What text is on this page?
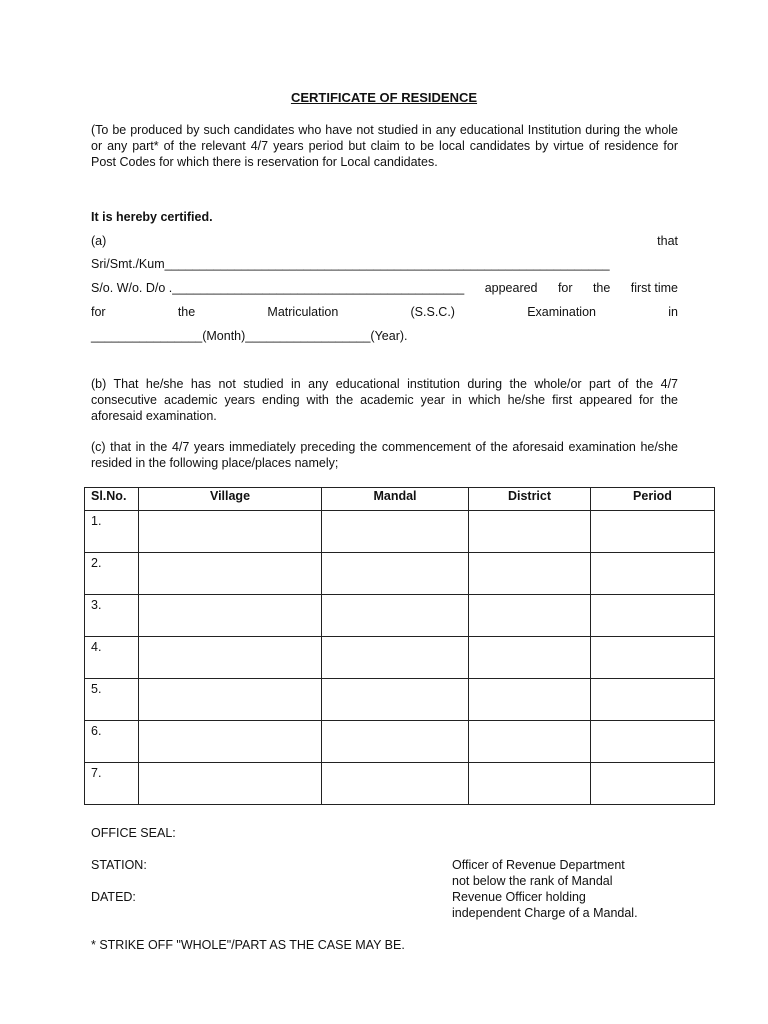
CERTIFICATE OF RESIDENCE
(To be produced by such candidates who have not studied in any educational Institution during the whole or any part* of the relevant 4/7 years period but claim to be local candidates by virtue of residence for Post Codes for which there is reservation for Local candidates.
It is hereby certified.
(a)	that
Sri/Smt./Kum________________________________________________________________
S/o. W/o. D/o .__________________________________________ appeared for the first time
for	the	Matriculation	(S.S.C.)	Examination	in
________________(Month)__________________(Year).
(b) That he/she has not studied in any educational institution during the whole/or part of the 4/7 consecutive academic years ending with the academic year in which he/she first appeared for the aforesaid examination.
(c) that in the 4/7 years immediately preceding the commencement of the aforesaid examination he/she resided in the following place/places namely;
Sl.No.	Village	Mandal	District	Period
1.				
2.				
3.				
4.				
5.				
6.				
7.				
OFFICE SEAL:
STATION:
DATED:
Officer of Revenue Department
not below the rank of Mandal
Revenue Officer holding
independent Charge of a Mandal.
* STRIKE OFF "WHOLE"/PART AS THE CASE MAY BE.
